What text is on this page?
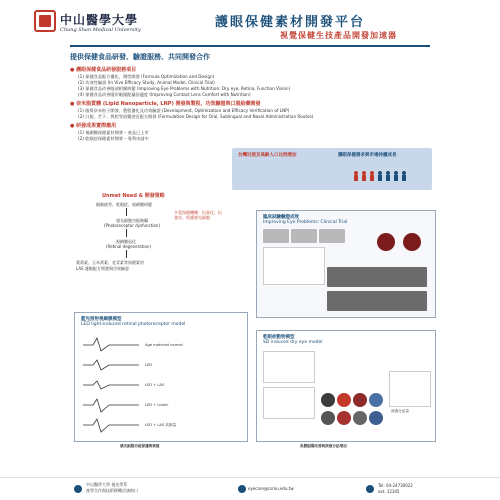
中山醫學大學
Chung Shan Medical University	護眼保健素材開發平台
視覺保健生技產品開發加速器
提供保健食品研發、驗證服務、共同開發合作
● 護眼保健食品研發服務項目
(1) 保健食品配方優化、劑型開發 (Formula Optimization and Design)
(2) 功效性驗證 (In Vivo Efficacy Study, Animal Model, Clinical Trial)
(3) 保健食品改善眼部相關病變 (Improving Eye Problems with Nutrition: Dry eye, Retina, Function Vision)
(4) 保健食品改善隱形眼鏡配戴舒適度 (Improving Contact Lens Comfort with Nutrition)
● 奈米脂質體 (Lipid Nanoparticle, LNP) 開發與製程、功效驗證與口服給藥開發
(1) 脂質奈米粒子開發、製程優化及功效驗證 (Development, Optimization and Efficacy Verification of LNP)
(2) 口服、舌下、鼻腔等給藥途徑配方開發 (Formulation Design for Oral, Sublingual and Nasal Administration Routes)
● 研發成果實際應用
(1) 視網膜保健素材開發 – 產品已上市
(2) 乾眼症保健素材開發 – 專利申請中
台灣近視及高齡人口比例增加	護眼保健需求與市場持續成長
Unmet Need & 開發策略
眼睛疲勞、乾眼症、視網膜病變
感光細胞功能障礙
(Photoreceptor dysfunction)
視網膜退化
(Retinal degeneration)
葉黃素、玉米黃素、花青素等保健素材
LAS 護眼配方開發與功效驗證
多重保健機轉：抗氧化、抗發炎、保護感光細胞	臨床試驗驗證成效
Improving Eye Problems: Clinical Trial
藍光照射視網膜模型
LED light-induced retinal photoreceptor model
Age matched normal
LED
LED + LAS
LED + Lutein
LED + LAS 高劑量
感光細胞功能保護與恢復
乾眼症動物模型
SD induced dry eye model
淚液分泌量
角膜損傷改善與淚液分泌增加
中山醫學大學 視光學系
產學合作與技術移轉洽詢窗口	eyecare@csmu.edu.tw
Tel: 04-24730022
ext. 12345
